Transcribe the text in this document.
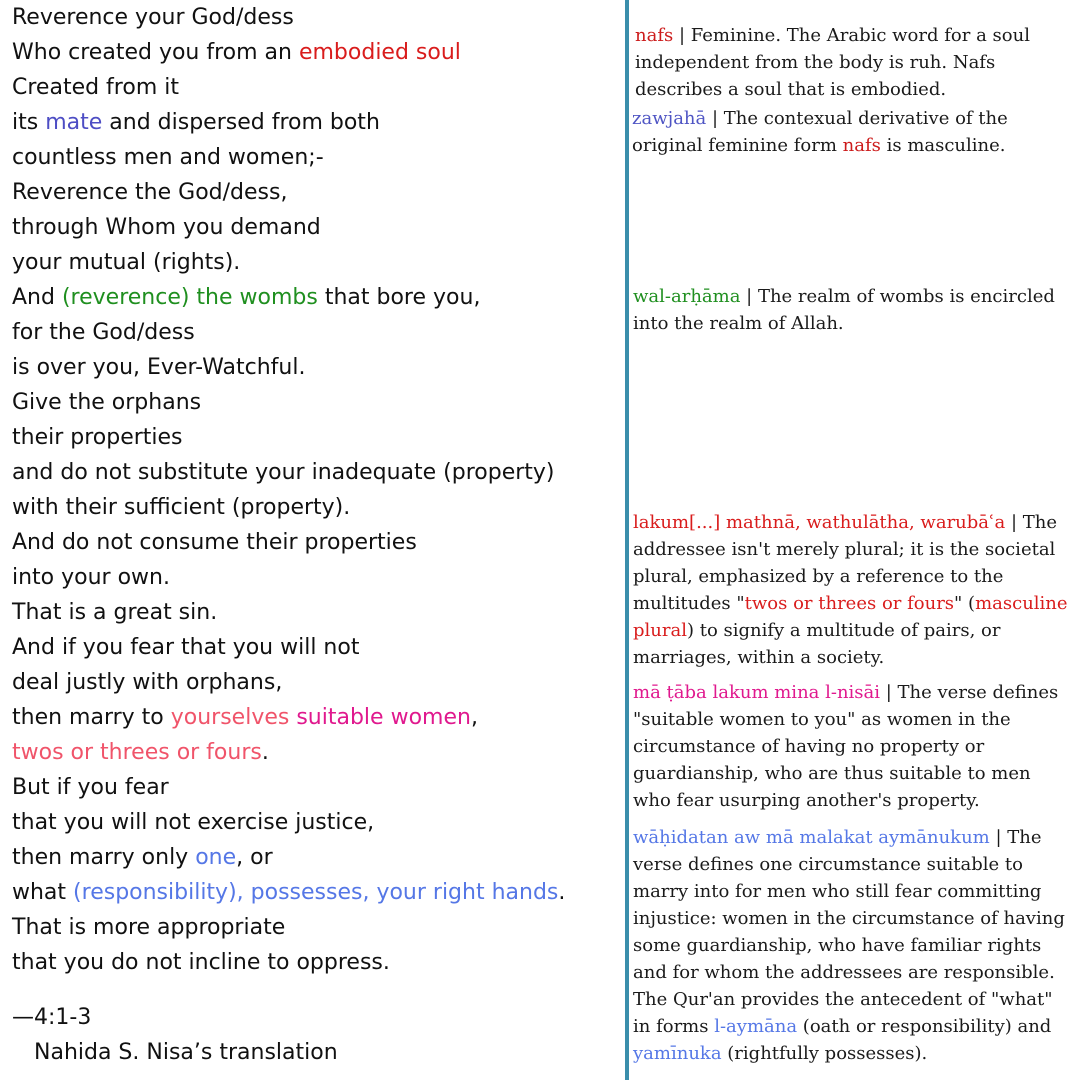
Reverence your God/dess
Who created you from an embodied soul
Created from it
its mate and dispersed from both
countless men and women;-
Reverence the God/dess,
through Whom you demand
your mutual (rights).
And (reverence) the wombs that bore you,
for the God/dess
is over you, Ever-Watchful.
Give the orphans
their properties
and do not substitute your inadequate (property)
with their sufficient (property).
And do not consume their properties
into your own.
That is a great sin.
And if you fear that you will not
deal justly with orphans,
then marry to yourselves suitable women,
twos or threes or fours.
But if you fear
that you will not exercise justice,
then marry only one, or
what (responsibility), possesses, your right hands.
That is more appropriate
that you do not incline to oppress.
—4:1-3
Nahida S. Nisa’s translation
nafs | Feminine. The Arabic word for a soul independent from the body is ruh. Nafs describes a soul that is embodied.
zawjahā | The contexual derivative of the original feminine form nafs is masculine.
wal-arḥāma | The realm of wombs is encircled into the realm of Allah.
lakum[...] mathnā, wathulātha, warubāʿa | The addressee isn't merely plural; it is the societal plural, emphasized by a reference to the multitudes "twos or threes or fours" (masculine plural) to signify a multitude of pairs, or marriages, within a society.
mā ṭāba lakum mina l-nisāi | The verse defines "suitable women to you" as women in the circumstance of having no property or guardianship, who are thus suitable to men who fear usurping another's property.
wāḥidatan aw mā malakat aymānukum | The verse defines one circumstance suitable to marry into for men who still fear committing injustice: women in the circumstance of having some guardianship, who have familiar rights and for whom the addressees are responsible. The Qur'an provides the antecedent of "what" in forms l-aymāna (oath or responsibility) and yamīnuka (rightfully possesses).
